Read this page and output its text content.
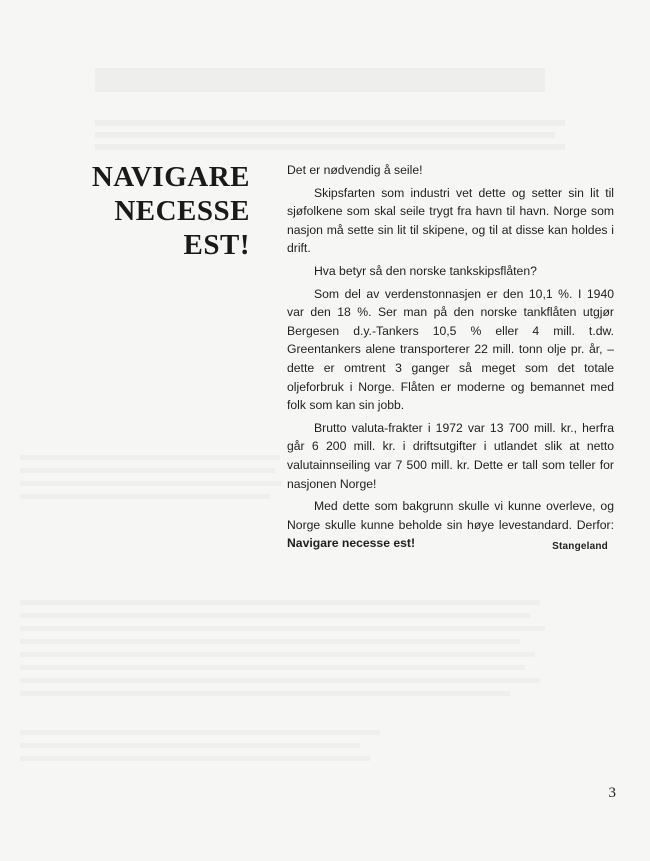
NAVIGARE
NECESSE
EST!

Det er nødvendig å seile!

Skipsfarten som industri vet dette og setter sin lit til sjøfolkene som skal seile trygt fra havn til havn. Norge som nasjon må sette sin lit til skipene, og til at disse kan holdes i drift.

Hva betyr så den norske tankskipsflåten?

Som del av verdenstonnasjen er den 10,1 %. I 1940 var den 18 %. Ser man på den norske tankflåten utgjør Bergesen d.y.-Tankers 10,5 % eller 4 mill. t.dw. Greentankers alene transporterer 22 mill. tonn olje pr. år, – dette er omtrent 3 ganger så meget som det totale oljeforbruk i Norge. Flåten er moderne og bemannet med folk som kan sin jobb.

Brutto valuta-frakter i 1972 var 13 700 mill. kr., herfra går 6 200 mill. kr. i driftsutgifter i utlandet slik at netto valutainnseiling var 7 500 mill. kr. Dette er tall som teller for nasjonen Norge!

Med dette som bakgrunn skulle vi kunne overleve, og Norge skulle kunne beholde sin høye levestandard. Derfor: Navigare necesse est!	Stangeland
3
